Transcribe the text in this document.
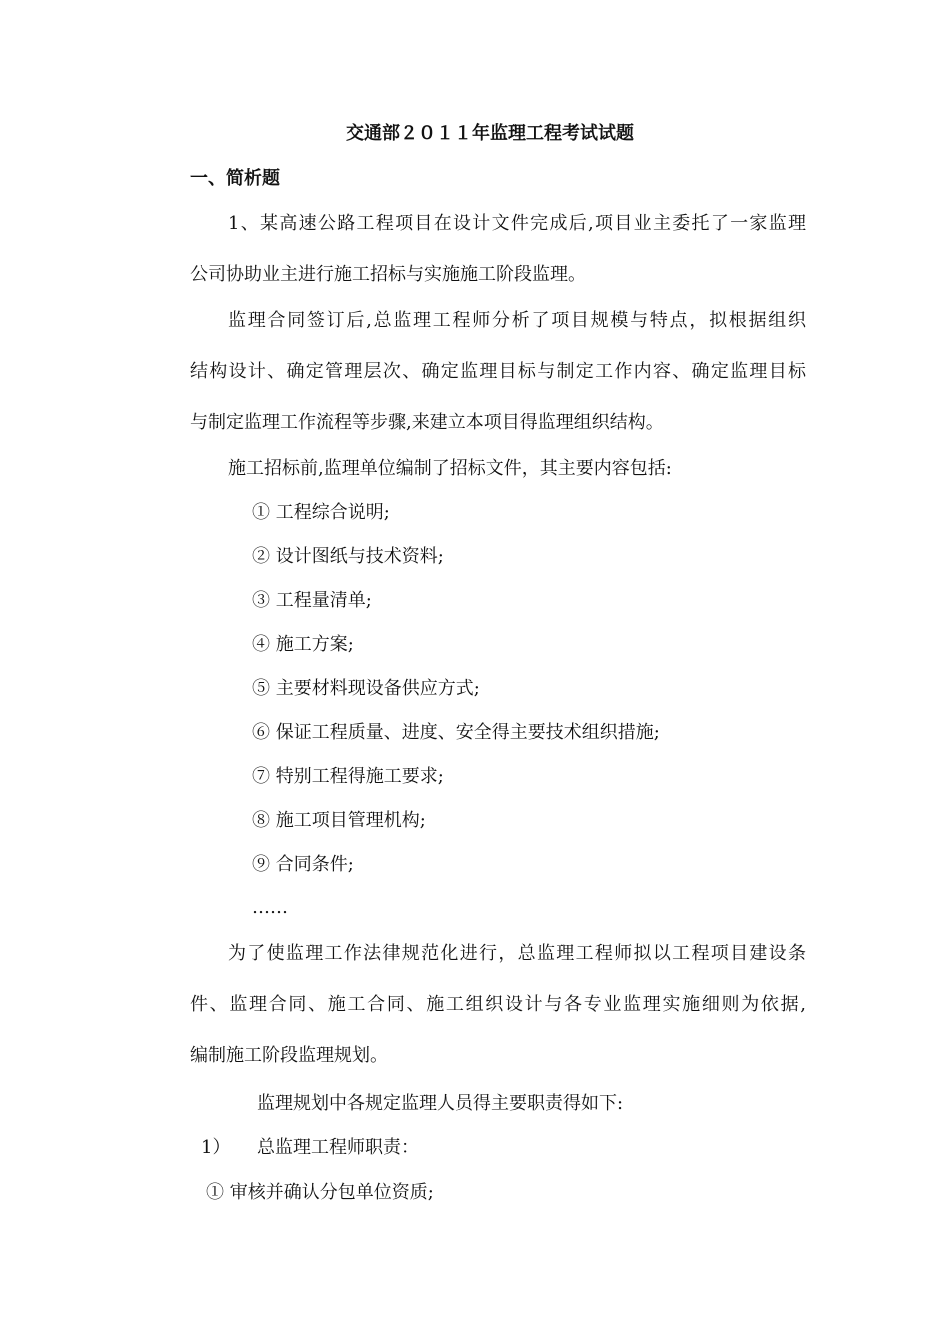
交通部２０１１年监理工程考试试题
一、简析题
1、某高速公路工程项目在设计文件完成后,项目业主委托了一家监理
公司协助业主进行施工招标与实施施工阶段监理。
监理合同签订后,总监理工程师分析了项目规模与特点，拟根据组织
结构设计、确定管理层次、确定监理目标与制定工作内容、确定监理目标
与制定监理工作流程等步骤,来建立本项目得监理组织结构。
施工招标前,监理单位编制了招标文件，其主要内容包括:
① 工程综合说明;
② 设计图纸与技术资料;
③ 工程量清单;
④ 施工方案;
⑤ 主要材料现设备供应方式;
⑥ 保证工程质量、进度、安全得主要技术组织措施;
⑦ 特别工程得施工要求;
⑧ 施工项目管理机构;
⑨ 合同条件;
……
为了使监理工作法律规范化进行，总监理工程师拟以工程项目建设条
件、监理合同、施工合同、施工组织设计与各专业监理实施细则为依据,
编制施工阶段监理规划。
监理规划中各规定监理人员得主要职责得如下:
1） 总监理工程师职责：
① 审核并确认分包单位资质;
